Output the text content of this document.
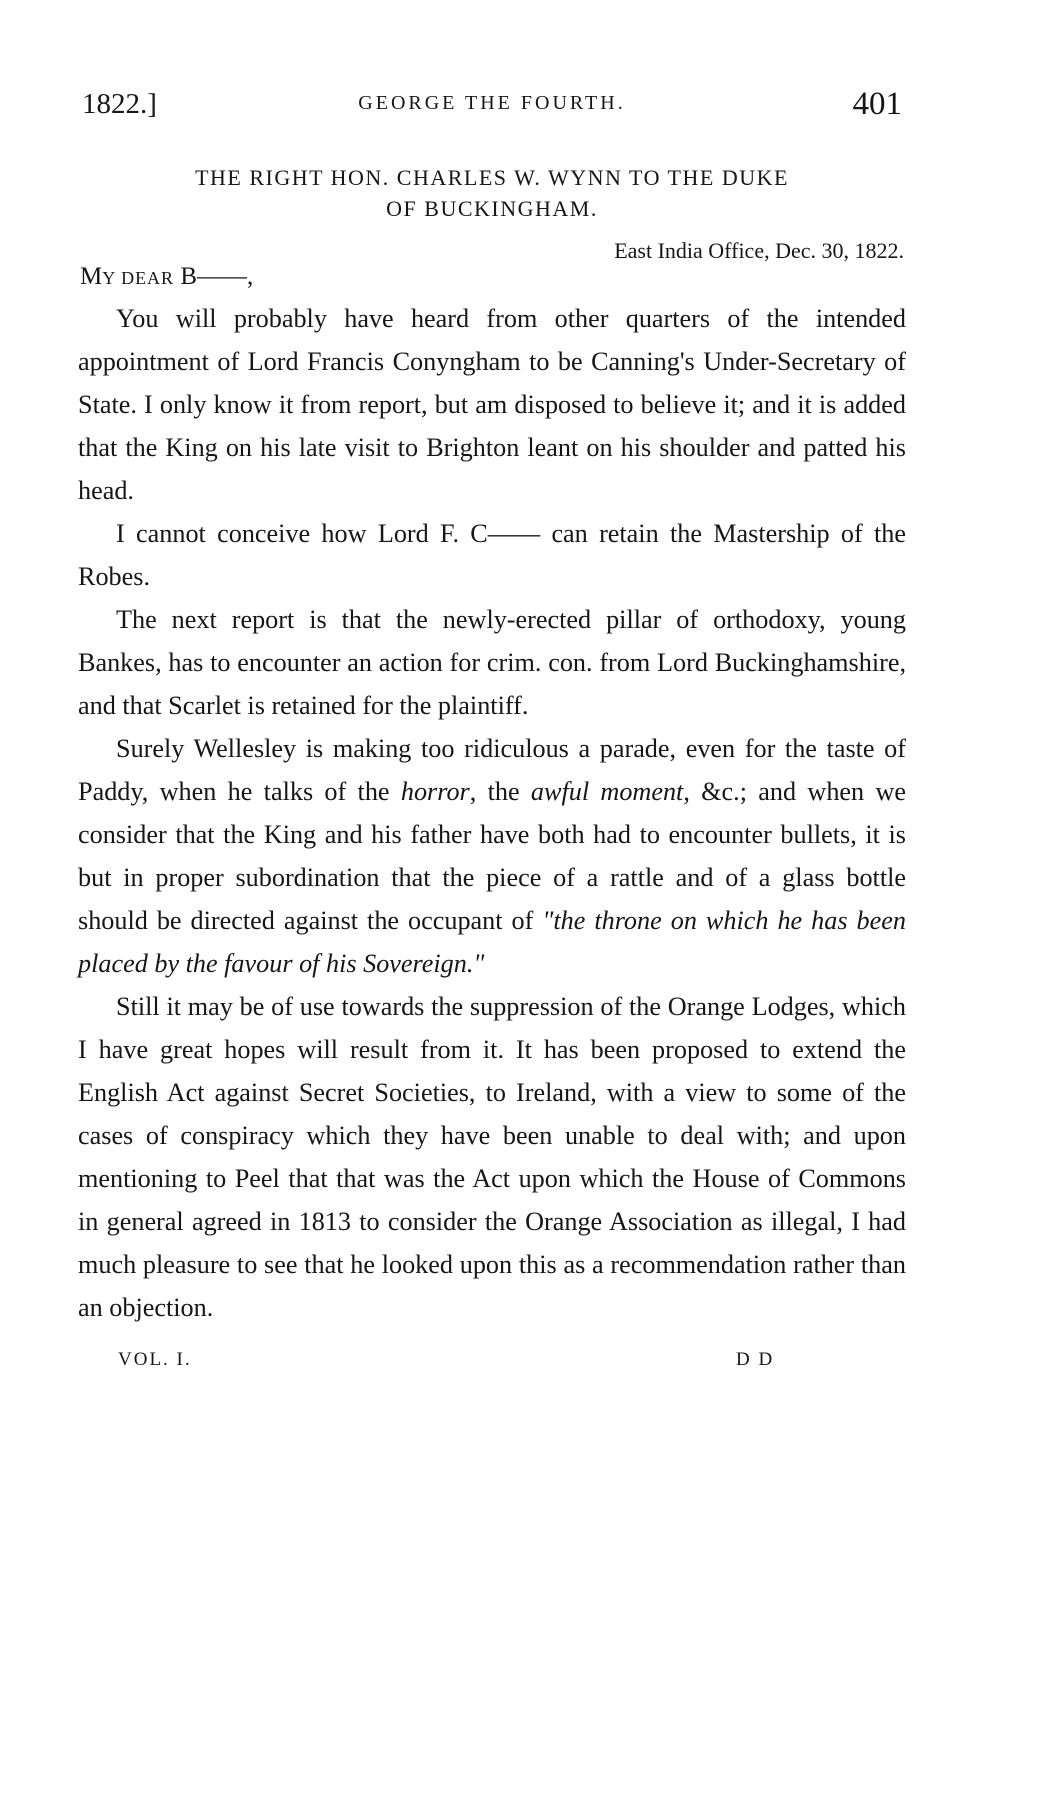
1822.]	GEORGE THE FOURTH.	401
THE RIGHT HON. CHARLES W. WYNN TO THE DUKE
OF BUCKINGHAM.
East India Office, Dec. 30, 1822.
MY DEAR B——,

You will probably have heard from other quarters of the intended appointment of Lord Francis Conyngham to be Canning's Under-Secretary of State. I only know it from report, but am disposed to believe it; and it is added that the King on his late visit to Brighton leant on his shoulder and patted his head.

I cannot conceive how Lord F. C—— can retain the Mastership of the Robes.

The next report is that the newly-erected pillar of orthodoxy, young Bankes, has to encounter an action for crim. con. from Lord Buckinghamshire, and that Scarlet is retained for the plaintiff.

Surely Wellesley is making too ridiculous a parade, even for the taste of Paddy, when he talks of the horror, the awful moment, &c.; and when we consider that the King and his father have both had to encounter bullets, it is but in proper subordination that the piece of a rattle and of a glass bottle should be directed against the occupant of "the throne on which he has been placed by the favour of his Sovereign."

Still it may be of use towards the suppression of the Orange Lodges, which I have great hopes will result from it. It has been proposed to extend the English Act against Secret Societies, to Ireland, with a view to some of the cases of conspiracy which they have been unable to deal with; and upon mentioning to Peel that that was the Act upon which the House of Commons in general agreed in 1813 to consider the Orange Association as illegal, I had much pleasure to see that he looked upon this as a recommendation rather than an objection.

VOL. I.	D D
